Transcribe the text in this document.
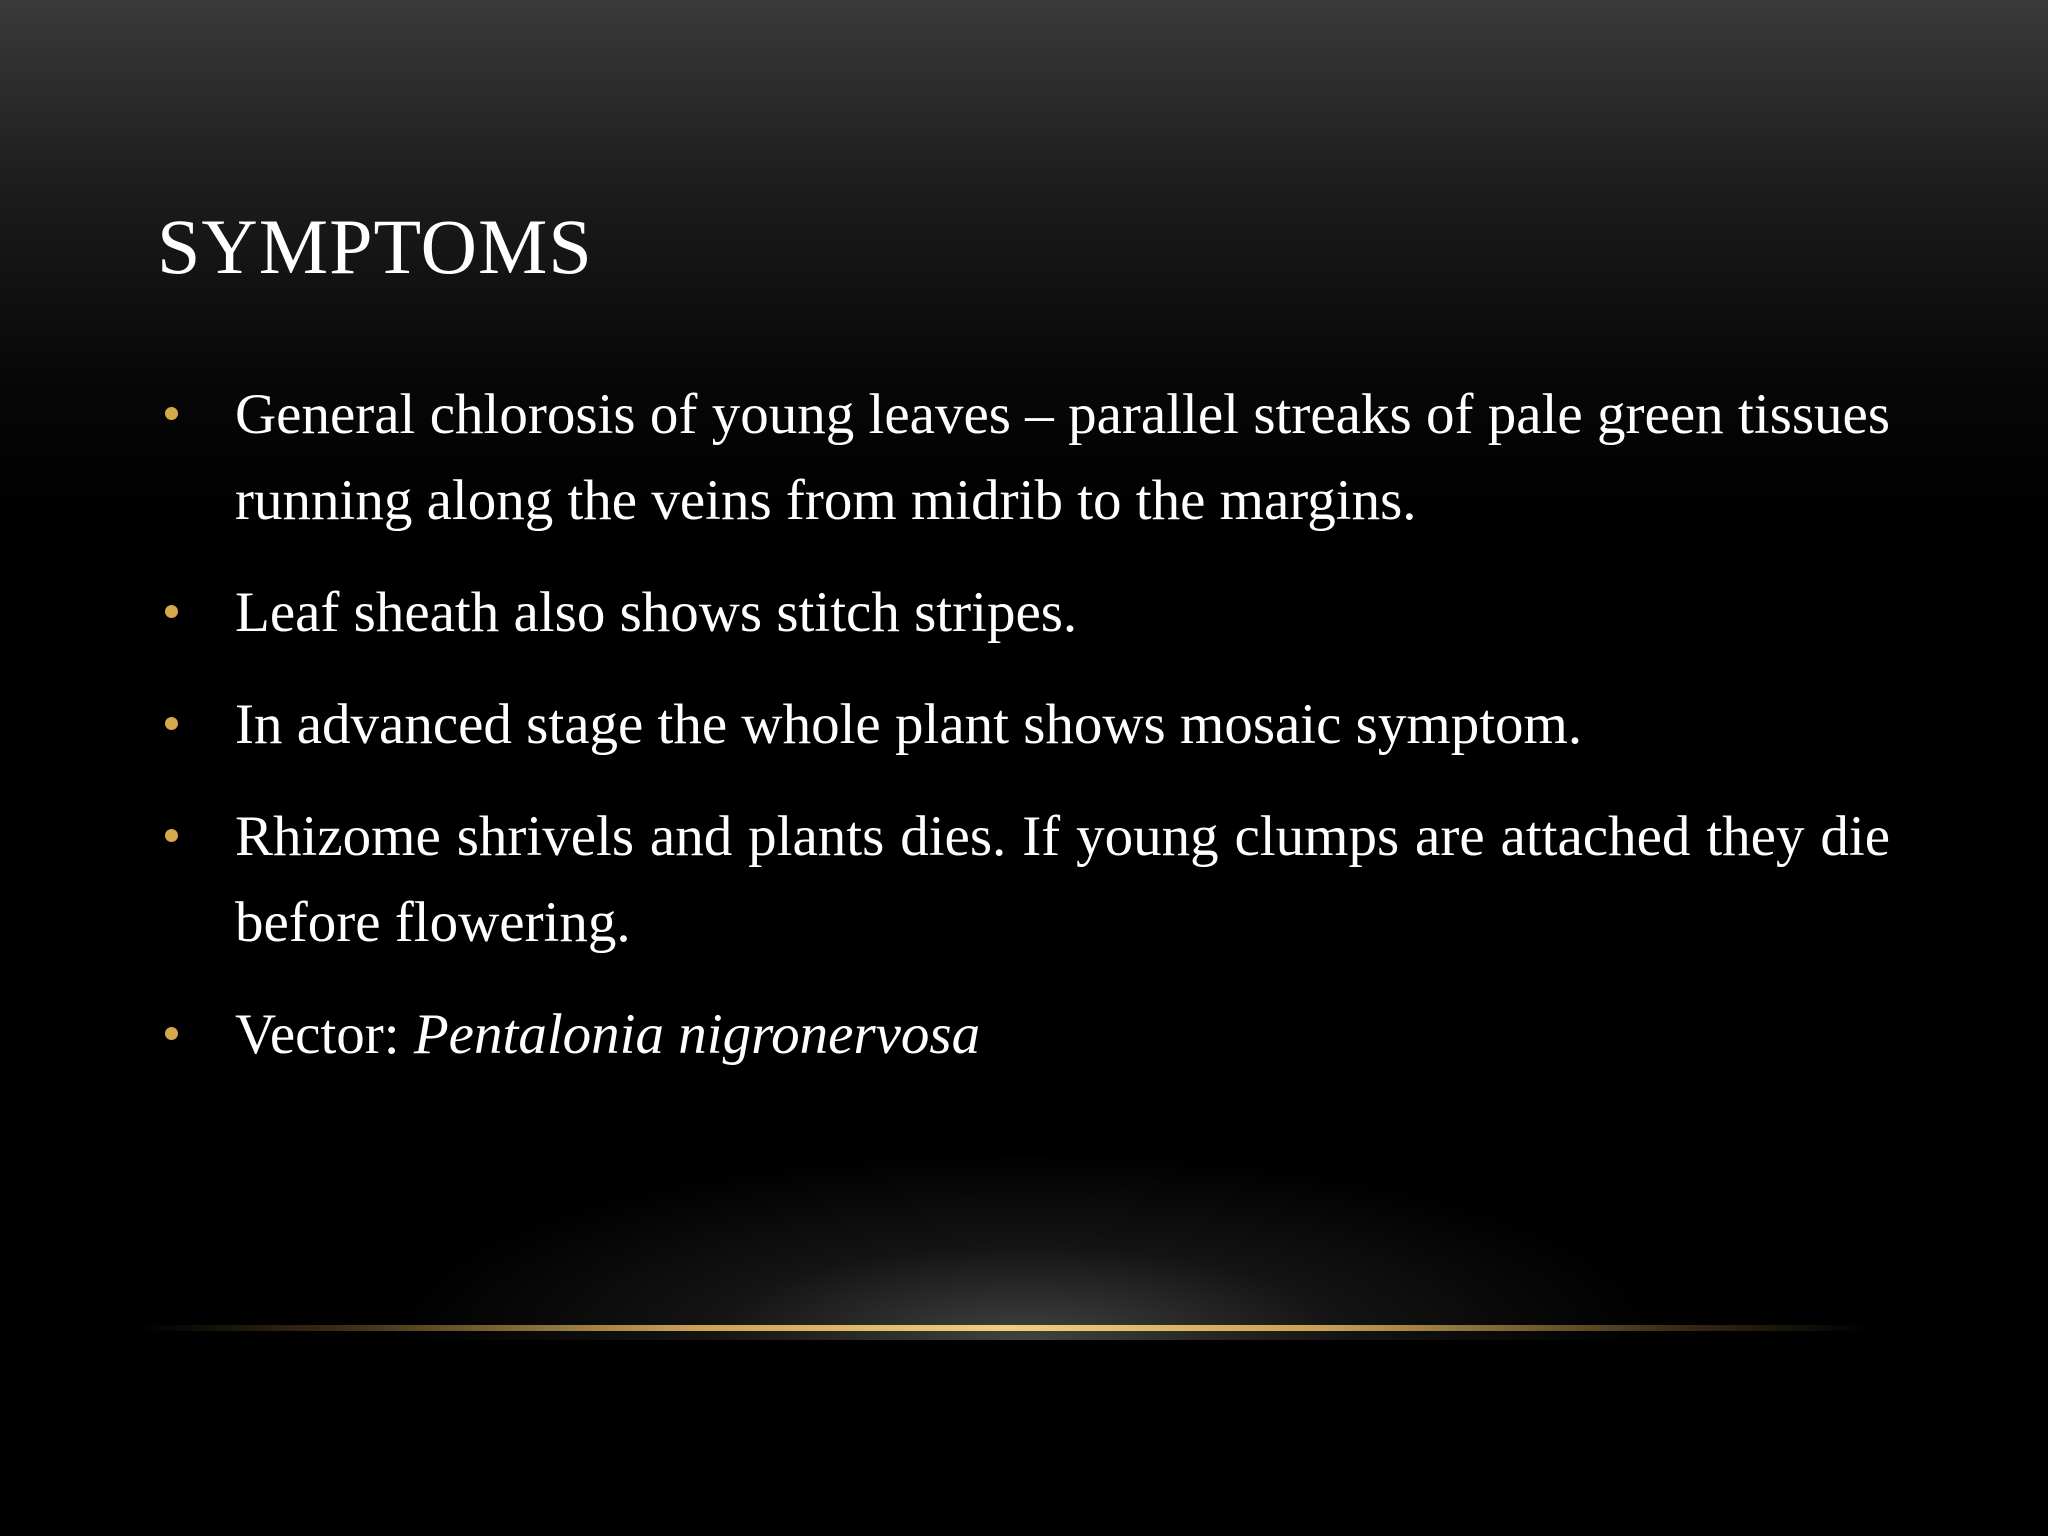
SYMPTOMS
General chlorosis of young leaves – parallel streaks of pale green tissues running along the veins from midrib to the margins.
Leaf sheath also shows stitch stripes.
In advanced stage the whole plant shows mosaic symptom.
Rhizome shrivels and plants dies. If young clumps are attached they die before flowering.
Vector: Pentalonia nigronervosa
